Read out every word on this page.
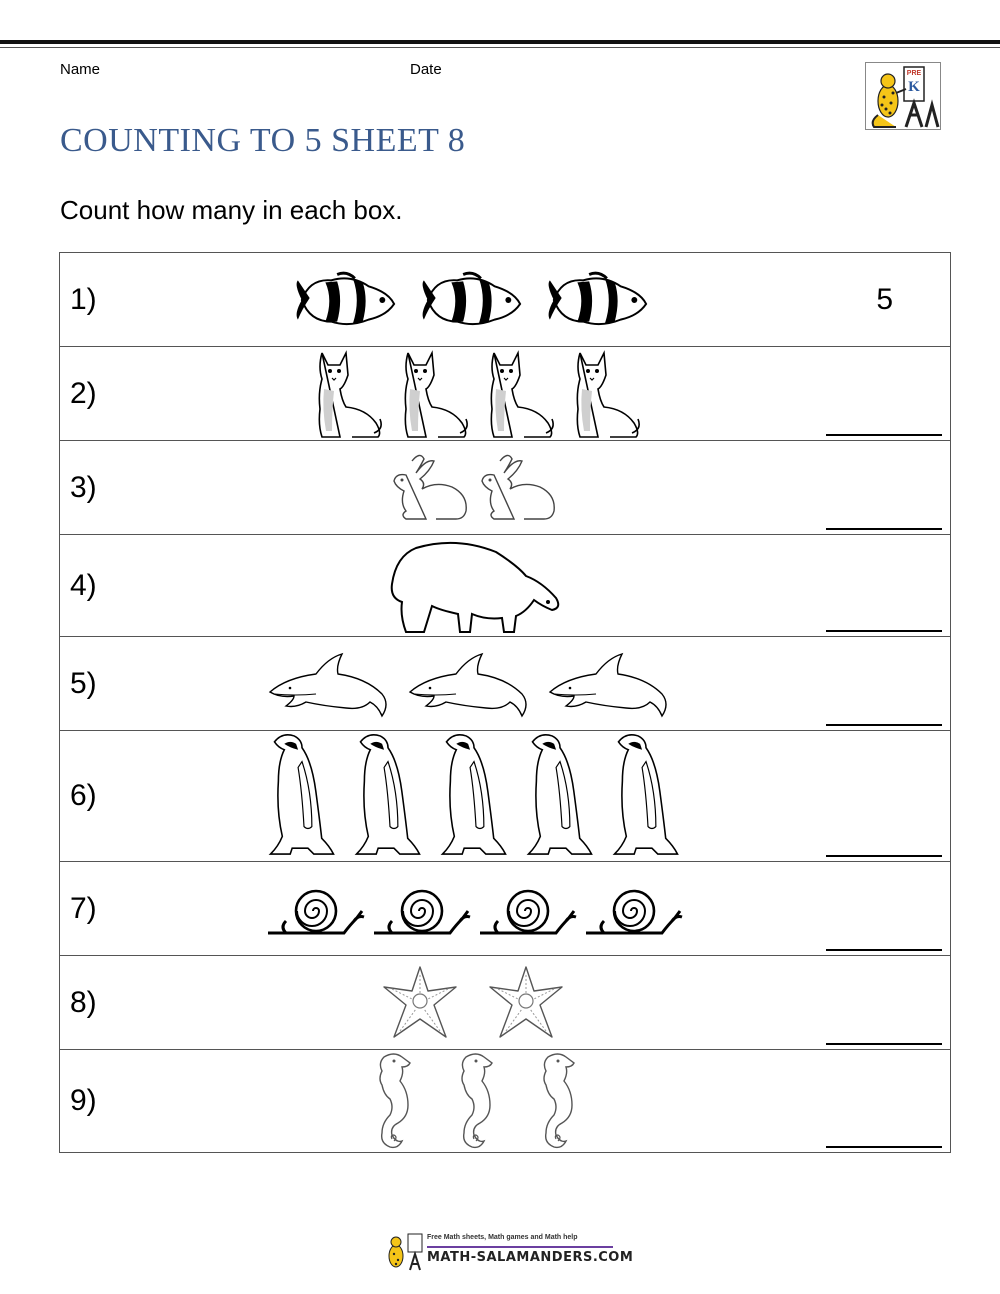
Name	Date	PRE
K
COUNTING TO 5 SHEET 8
Count how many in each box.
1)	5
2)
3)
4)
5)
6)
7)
8)
9)
Free Math sheets, Math games and Math help
MATH-SALAMANDERS.COM
